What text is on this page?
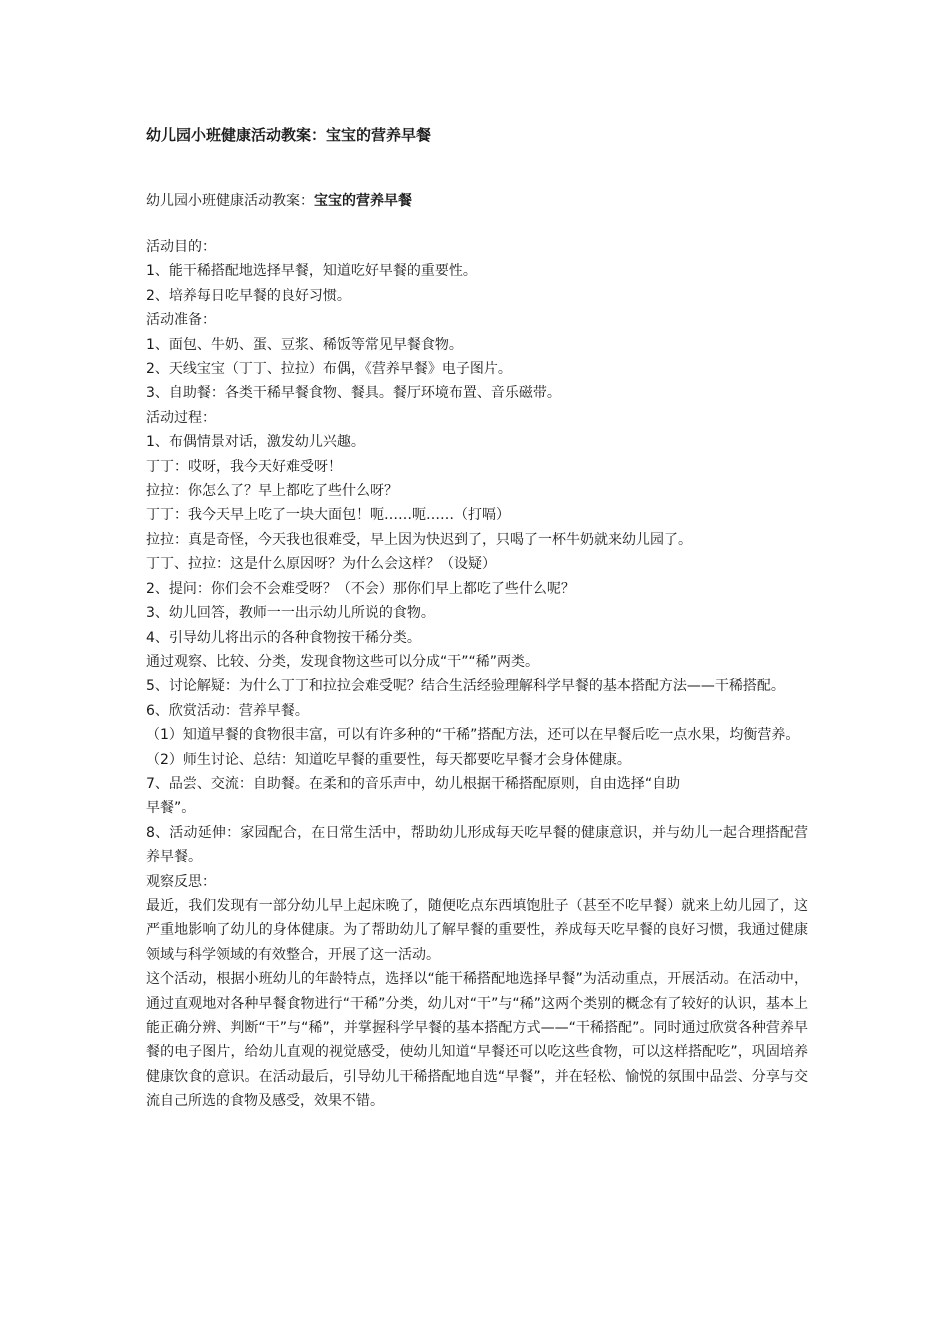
幼儿园小班健康活动教案：宝宝的营养早餐
幼儿园小班健康活动教案：宝宝的营养早餐
活动目的：
1、能干稀搭配地选择早餐，知道吃好早餐的重要性。
2、培养每日吃早餐的良好习惯。
活动准备：
1、面包、牛奶、蛋、豆浆、稀饭等常见早餐食物。
2、天线宝宝（丁丁、拉拉）布偶，《营养早餐》电子图片。
3、自助餐：各类干稀早餐食物、餐具。餐厅环境布置、音乐磁带。
活动过程：
1、布偶情景对话，激发幼儿兴趣。
丁丁：哎呀，我今天好难受呀！
拉拉：你怎么了？早上都吃了些什么呀？
丁丁：我今天早上吃了一块大面包！呃……呃……（打嗝）
拉拉：真是奇怪，今天我也很难受，早上因为快迟到了，只喝了一杯牛奶就来幼儿园了。
丁丁、拉拉：这是什么原因呀？为什么会这样？（设疑）
2、提问：你们会不会难受呀？（不会）那你们早上都吃了些什么呢？
3、幼儿回答，教师一一出示幼儿所说的食物。
4、引导幼儿将出示的各种食物按干稀分类。
通过观察、比较、分类，发现食物这些可以分成“干”“稀”两类。
5、讨论解疑：为什么丁丁和拉拉会难受呢？结合生活经验理解科学早餐的基本搭配方法——干稀搭配。
6、欣赏活动：营养早餐。
（1）知道早餐的食物很丰富，可以有许多种的“干稀”搭配方法，还可以在早餐后吃一点水果，均衡营养。
（2）师生讨论、总结：知道吃早餐的重要性，每天都要吃早餐才会身体健康。
7、品尝、交流：自助餐。在柔和的音乐声中，幼儿根据干稀搭配原则，自由选择“自助
早餐”。
8、活动延伸：家园配合，在日常生活中，帮助幼儿形成每天吃早餐的健康意识，并与幼儿一起合理搭配营养早餐。
观察反思：
最近，我们发现有一部分幼儿早上起床晚了，随便吃点东西填饱肚子（甚至不吃早餐）就来上幼儿园了，这严重地影响了幼儿的身体健康。为了帮助幼儿了解早餐的重要性，养成每天吃早餐的良好习惯，我通过健康领域与科学领域的有效整合，开展了这一活动。
这个活动，根据小班幼儿的年龄特点，选择以“能干稀搭配地选择早餐”为活动重点，开展活动。在活动中，通过直观地对各种早餐食物进行“干稀”分类，幼儿对“干”与“稀”这两个类别的概念有了较好的认识，基本上能正确分辨、判断“干”与“稀”，并掌握科学早餐的基本搭配方式——“干稀搭配”。同时通过欣赏各种营养早餐的电子图片，给幼儿直观的视觉感受，使幼儿知道“早餐还可以吃这些食物，可以这样搭配吃”，巩固培养健康饮食的意识。在活动最后，引导幼儿干稀搭配地自选“早餐”，并在轻松、愉悦的氛围中品尝、分享与交流自己所选的食物及感受，效果不错。
